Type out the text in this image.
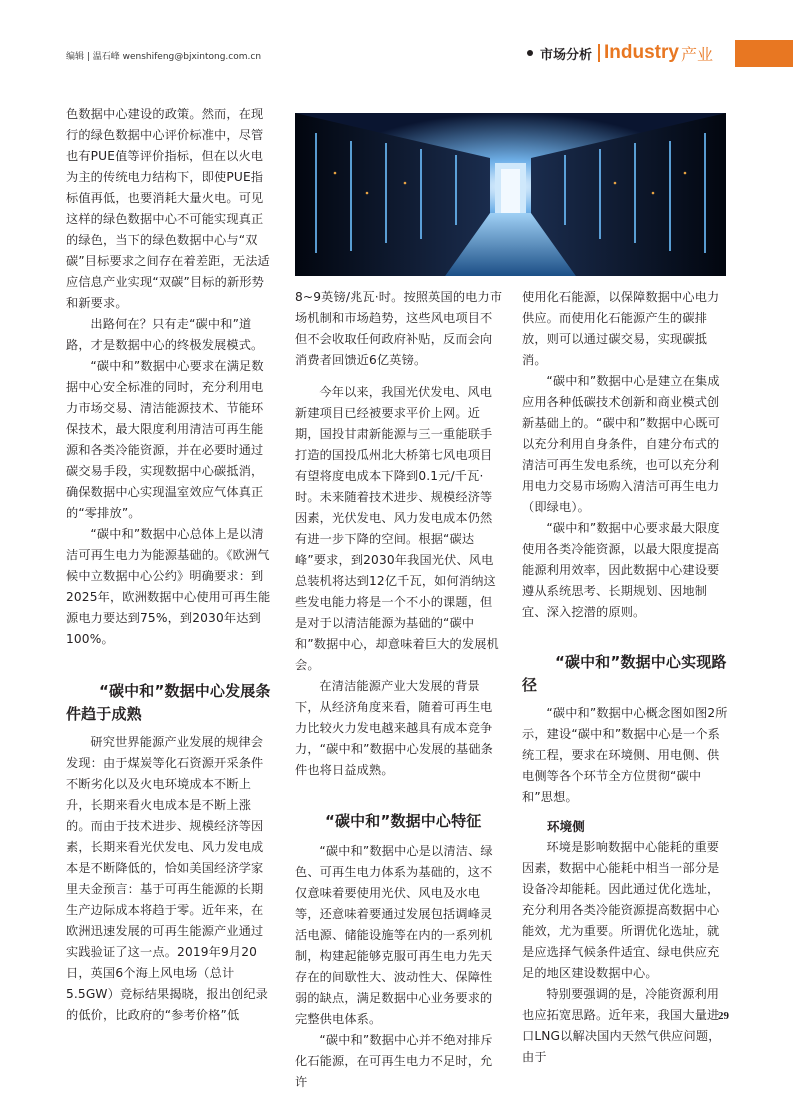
编辑 | 温石峰 wenshifeng@bjxintong.com.cn	市场分析 Industry 产业

色数据中心建设的政策。然而，在现行的绿色数据中心评价标准中，尽管也有PUE值等评价指标，但在以火电为主的传统电力结构下，即使PUE指标值再低，也要消耗大量火电。可见这样的绿色数据中心不可能实现真正的绿色，当下的绿色数据中心与“双碳”目标要求之间存在着差距，无法适应信息产业实现“双碳”目标的新形势和新要求。

出路何在？只有走“碳中和”道路，才是数据中心的终极发展模式。

“碳中和”数据中心要求在满足数据中心安全标准的同时，充分利用电力市场交易、清洁能源技术、节能环保技术，最大限度利用清洁可再生能源和各类冷能资源，并在必要时通过碳交易手段，实现数据中心碳抵消，确保数据中心实现温室效应气体真正的“零排放”。

“碳中和”数据中心总体上是以清洁可再生电力为能源基础的。《欧洲气候中立数据中心公约》明确要求：到2025年，欧洲数据中心使用可再生能源电力要达到75%，到2030年达到100%。

“碳中和”数据中心发展条件趋于成熟

研究世界能源产业发展的规律会发现：由于煤炭等化石资源开采条件不断劣化以及火电环境成本不断上升，长期来看火电成本是不断上涨的。而由于技术进步、规模经济等因素，长期来看光伏发电、风力发电成本是不断降低的，恰如美国经济学家里夫金预言：基于可再生能源的长期生产边际成本将趋于零。近年来，在欧洲迅速发展的可再生能源产业通过实践验证了这一点。2019年9月20日，英国6个海上风电场（总计5.5GW）竞标结果揭晓，报出创纪录的低价，比政府的“参考价格”低

8~9英镑/兆瓦·时。按照英国的电力市场机制和市场趋势，这些风电项目不但不会收取任何政府补贴，反而会向消费者回馈近6亿英镑。

今年以来，我国光伏发电、风电新建项目已经被要求平价上网。近期，国投甘肃新能源与三一重能联手打造的国投瓜州北大桥第七风电项目有望将度电成本下降到0.1元/千瓦·时。未来随着技术进步、规模经济等因素，光伏发电、风力发电成本仍然有进一步下降的空间。根据“碳达峰”要求，到2030年我国光伏、风电总装机将达到12亿千瓦，如何消纳这些发电能力将是一个不小的课题，但是对于以清洁能源为基础的“碳中和”数据中心，却意味着巨大的发展机会。

在清洁能源产业大发展的背景下，从经济角度来看，随着可再生电力比较火力发电越来越具有成本竞争力，“碳中和”数据中心发展的基础条件也将日益成熟。

“碳中和”数据中心特征

“碳中和”数据中心是以清洁、绿色、可再生电力体系为基础的，这不仅意味着要使用光伏、风电及水电等，还意味着要通过发展包括调峰灵活电源、储能设施等在内的一系列机制，构建起能够克服可再生电力先天存在的间歇性大、波动性大、保障性弱的缺点，满足数据中心业务要求的完整供电体系。

“碳中和”数据中心并不绝对排斥化石能源，在可再生电力不足时，允许

使用化石能源，以保障数据中心电力供应。而使用化石能源产生的碳排放，则可以通过碳交易，实现碳抵消。

“碳中和”数据中心是建立在集成应用各种低碳技术创新和商业模式创新基础上的。“碳中和”数据中心既可以充分利用自身条件，自建分布式的清洁可再生发电系统，也可以充分利用电力交易市场购入清洁可再生电力（即绿电）。

“碳中和”数据中心要求最大限度使用各类冷能资源，以最大限度提高能源利用效率，因此数据中心建设要遵从系统思考、长期规划、因地制宜、深入挖潜的原则。

“碳中和”数据中心实现路径

“碳中和”数据中心概念图如图2所示，建设“碳中和”数据中心是一个系统工程，要求在环境侧、用电侧、供电侧等各个环节全方位贯彻“碳中和”思想。

环境侧

环境是影响数据中心能耗的重要因素，数据中心能耗中相当一部分是设备冷却能耗。因此通过优化选址，充分利用各类冷能资源提高数据中心能效，尤为重要。所谓优化选址，就是应选择气候条件适宜、绿电供应充足的地区建设数据中心。

特别要强调的是，冷能资源利用也应拓宽思路。近年来，我国大量进口LNG以解决国内天然气供应问题，由于

29
